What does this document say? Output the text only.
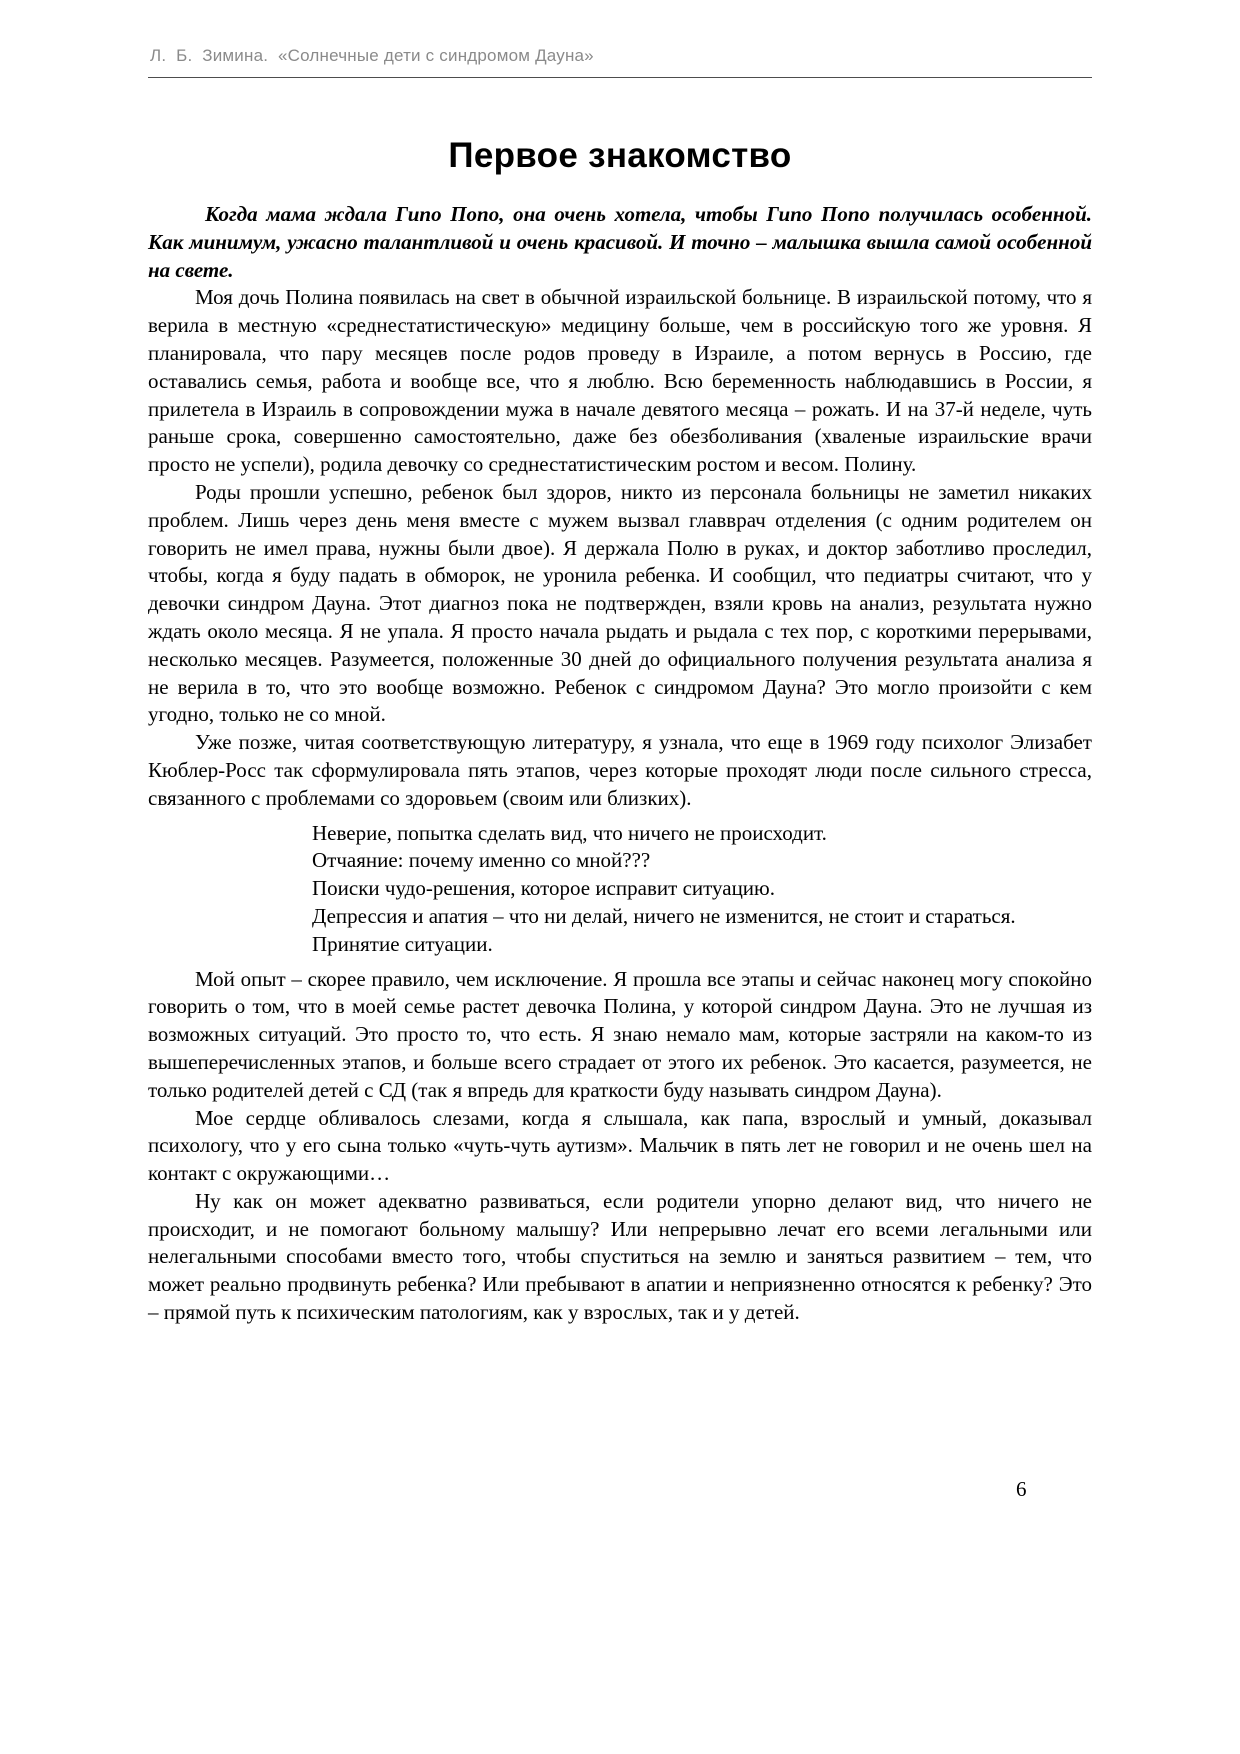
Л.  Б.  Зимина.  «Солнечные дети с синдромом Дауна»
Первое знакомство

Когда мама ждала Гипо Попо, она очень хотела, чтобы Гипо Попо получилась особенной. Как минимум, ужасно талантливой и очень красивой. И точно – малышка вышла самой особенной на свете.

Моя дочь Полина появилась на свет в обычной израильской больнице. В израильской потому, что я верила в местную «среднестатистическую» медицину больше, чем в российскую того же уровня. Я планировала, что пару месяцев после родов проведу в Израиле, а потом вернусь в Россию, где оставались семья, работа и вообще все, что я люблю. Всю беременность наблюдавшись в России, я прилетела в Израиль в сопровождении мужа в начале девятого месяца – рожать. И на 37-й неделе, чуть раньше срока, совершенно самостоятельно, даже без обезболивания (хваленые израильские врачи просто не успели), родила девочку со среднестатистическим ростом и весом. Полину.

Роды прошли успешно, ребенок был здоров, никто из персонала больницы не заметил никаких проблем. Лишь через день меня вместе с мужем вызвал главврач отделения (с одним родителем он говорить не имел права, нужны были двое). Я держала Полю в руках, и доктор заботливо проследил, чтобы, когда я буду падать в обморок, не уронила ребенка. И сообщил, что педиатры считают, что у девочки синдром Дауна. Этот диагноз пока не подтвержден, взяли кровь на анализ, результата нужно ждать около месяца. Я не упала. Я просто начала рыдать и рыдала с тех пор, с короткими перерывами, несколько месяцев. Разумеется, положенные 30 дней до официального получения результата анализа я не верила в то, что это вообще возможно. Ребенок с синдромом Дауна? Это могло произойти с кем угодно, только не со мной.

Уже позже, читая соответствующую литературу, я узнала, что еще в 1969 году психолог Элизабет Кюблер-Росс так сформулировала пять этапов, через которые проходят люди после сильного стресса, связанного с проблемами со здоровьем (своим или близких).

Неверие, попытка сделать вид, что ничего не происходит.

Отчаяние: почему именно со мной???

Поиски чудо-решения, которое исправит ситуацию.

Депрессия и апатия – что ни делай, ничего не изменится, не стоит и стараться.

Принятие ситуации.

Мой опыт – скорее правило, чем исключение. Я прошла все этапы и сейчас наконец могу спокойно говорить о том, что в моей семье растет девочка Полина, у которой синдром Дауна. Это не лучшая из возможных ситуаций. Это просто то, что есть. Я знаю немало мам, которые застряли на каком-то из вышеперечисленных этапов, и больше всего страдает от этого их ребенок. Это касается, разумеется, не только родителей детей с СД (так я впредь для краткости буду называть синдром Дауна).

Мое сердце обливалось слезами, когда я слышала, как папа, взрослый и умный, доказывал психологу, что у его сына только «чуть-чуть аутизм». Мальчик в пять лет не говорил и не очень шел на контакт с окружающими…

Ну как он может адекватно развиваться, если родители упорно делают вид, что ничего не происходит, и не помогают больному малышу? Или непрерывно лечат его всеми легальными или нелегальными способами вместо того, чтобы спуститься на землю и заняться развитием – тем, что может реально продвинуть ребенка? Или пребывают в апатии и неприязненно относятся к ребенку? Это – прямой путь к психическим патологиям, как у взрослых, так и у детей.

6
